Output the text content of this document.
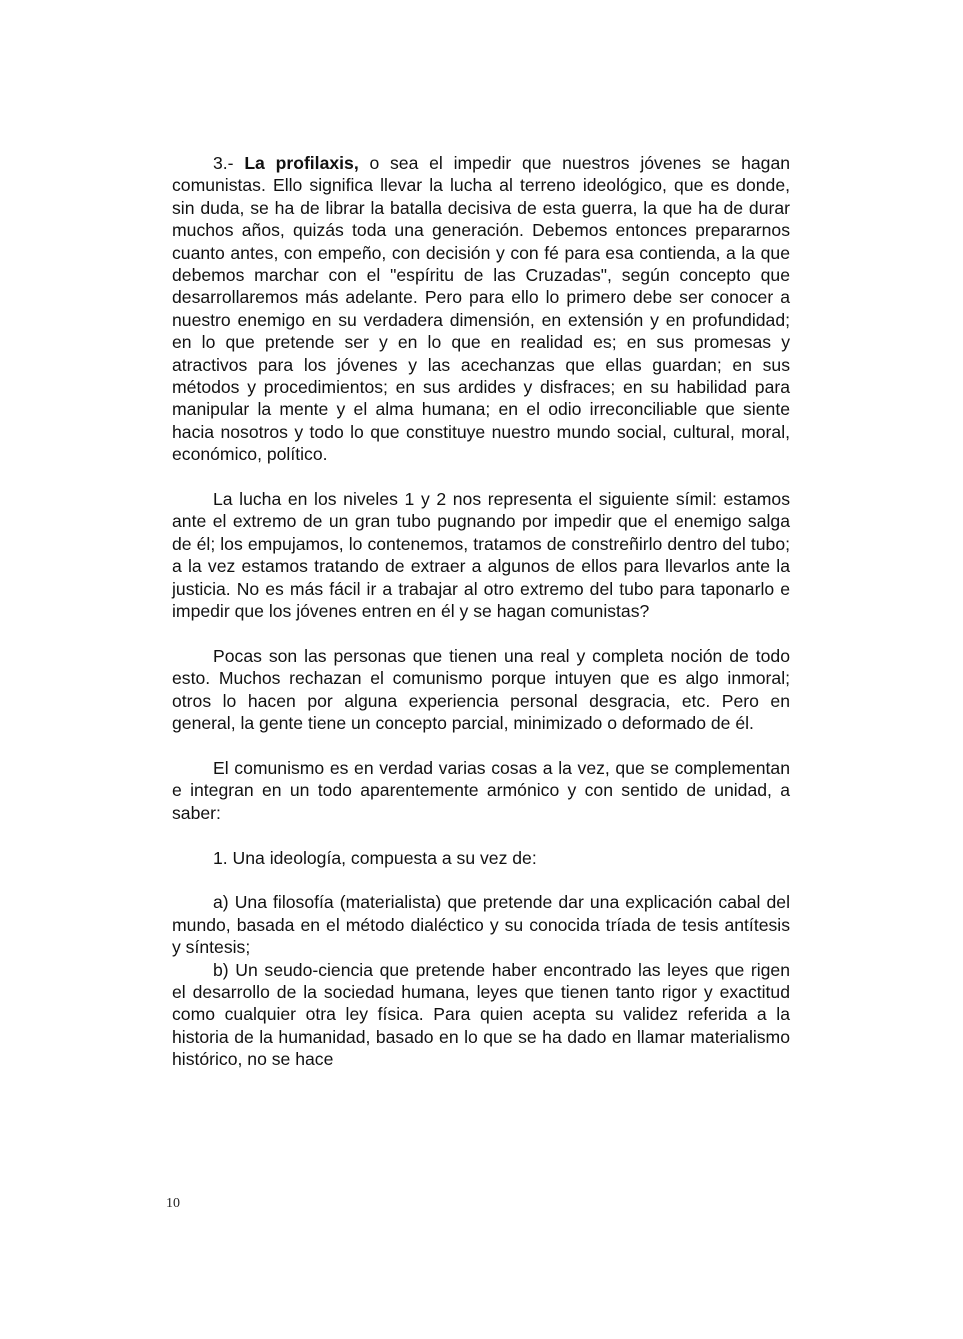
3.- La profilaxis, o sea el impedir que nuestros jóvenes se hagan comunistas. Ello significa llevar la lucha al terreno ideológico, que es donde, sin duda, se ha de librar la batalla decisiva de esta guerra, la que ha de durar muchos años, quizás toda una generación. Debemos entonces prepararnos cuanto antes, con empeño, con decisión y con fé para esa contienda, a la que debemos marchar con el "espíritu de las Cruzadas", según concepto que desarrollaremos más adelante. Pero para ello lo primero debe ser conocer a nuestro enemigo en su verdadera dimensión, en extensión y en profundidad; en lo que pretende ser y en lo que en realidad es; en sus promesas y atractivos para los jóvenes y las acechanzas que ellas guardan; en sus métodos y procedimientos; en sus ardides y disfraces; en su habilidad para manipular la mente y el alma humana; en el odio irreconciliable que siente hacia nosotros y todo lo que constituye nuestro mundo social, cultural, moral, económico, político.

La lucha en los niveles 1 y 2 nos representa el siguiente símil: estamos ante el extremo de un gran tubo pugnando por impedir que el enemigo salga de él; los empujamos, lo contenemos, tratamos de constreñirlo dentro del tubo; a la vez estamos tratando de extraer a algunos de ellos para llevarlos ante la justicia. No es más fácil ir a trabajar al otro extremo del tubo para taponarlo e impedir que los jóvenes entren en él y se hagan comunistas?

Pocas son las personas que tienen una real y completa noción de todo esto. Muchos rechazan el comunismo porque intuyen que es algo inmoral; otros lo hacen por alguna experiencia personal desgracia, etc. Pero en general, la gente tiene un concepto parcial, minimizado o deformado de él.

El comunismo es en verdad varias cosas a la vez, que se complementan e integran en un todo aparentemente armónico y con sentido de unidad, a saber:

1. Una ideología, compuesta a su vez de:

a) Una filosofía (materialista) que pretende dar una explicación cabal del mundo, basada en el método dialéctico y su conocida tríada de tesis antítesis y síntesis;

b) Un seudo-ciencia que pretende haber encontrado las leyes que rigen el desarrollo de la sociedad humana, leyes que tienen tanto rigor y exactitud como cualquier otra ley física. Para quien acepta su validez referida a la historia de la humanidad, basado en lo que se ha dado en llamar materialismo histórico, no se hace

10
